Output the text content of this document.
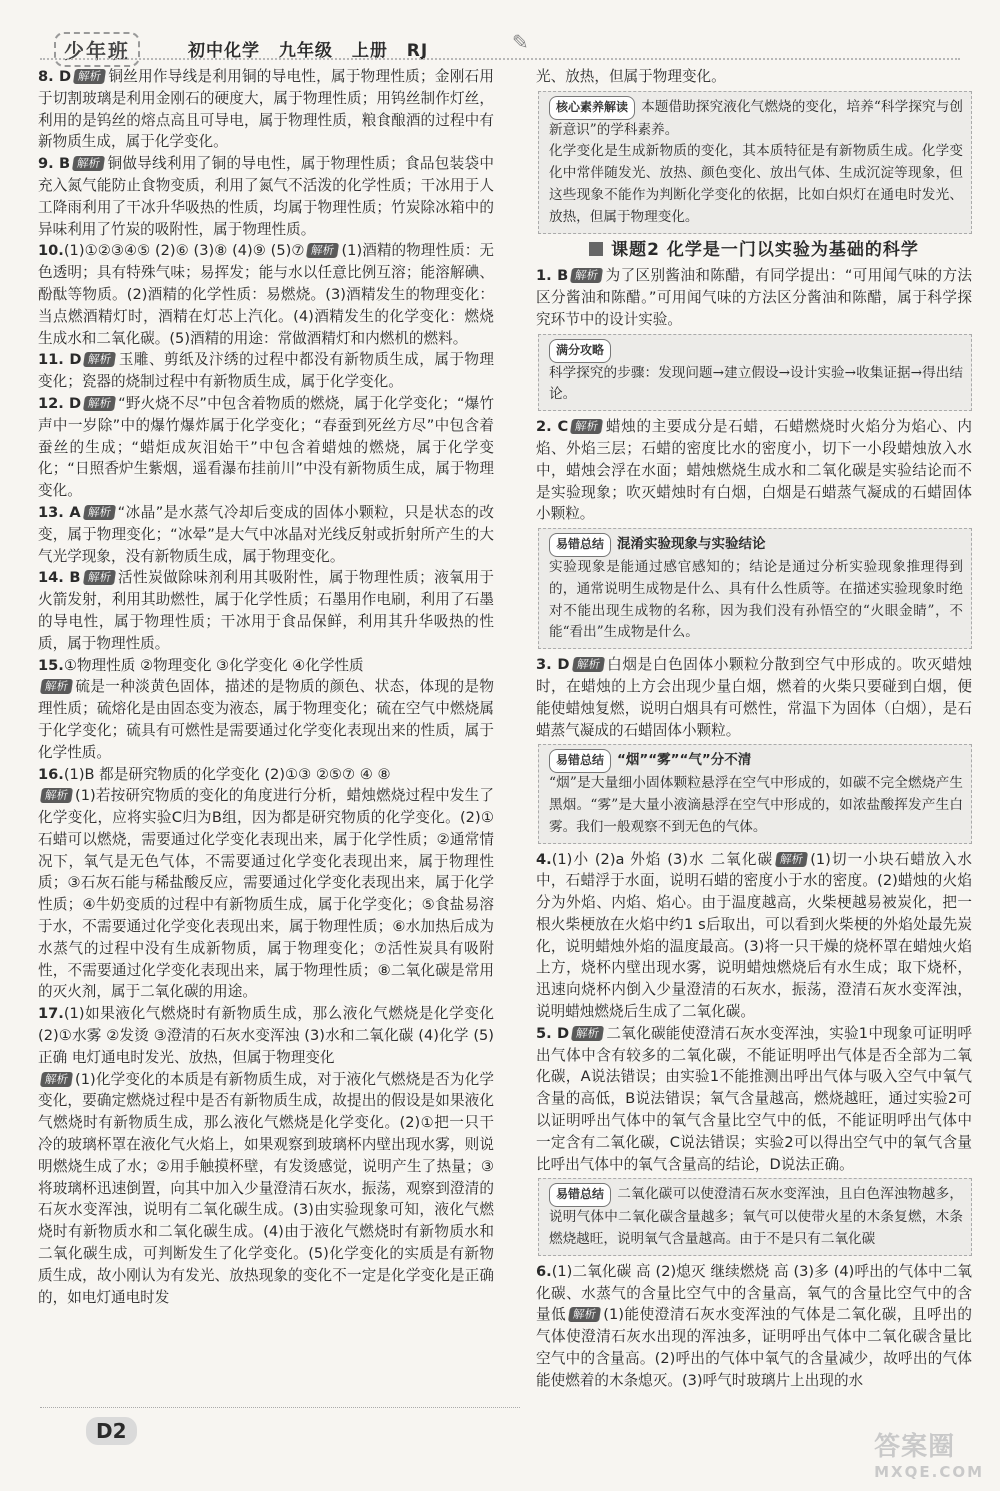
少年班	初中化学 九年级 上册 RJ	✎
8. D 解析 铜丝用作导线是利用铜的导电性，属于物理性质；金刚石用于切割玻璃是利用金刚石的硬度大，属于物理性质；用钨丝制作灯丝，利用的是钨丝的熔点高且可导电，属于物理性质，粮食酿酒的过程中有新物质生成，属于化学变化。
9. B 解析 铜做导线利用了铜的导电性，属于物理性质；食品包装袋中充入氮气能防止食物变质，利用了氮气不活泼的化学性质；干冰用于人工降雨利用了干冰升华吸热的性质，均属于物理性质；竹炭除冰箱中的异味利用了竹炭的吸附性，属于物理性质。
10.(1)①②③④⑤ (2)⑥ (3)⑧ (4)⑨ (5)⑦ 解析 (1)酒精的物理性质：无色透明；具有特殊气味；易挥发；能与水以任意比例互溶；能溶解碘、酚酞等物质。(2)酒精的化学性质：易燃烧。(3)酒精发生的物理变化：当点燃酒精灯时，酒精在灯芯上汽化。(4)酒精发生的化学变化：燃烧生成水和二氧化碳。(5)酒精的用途：常做酒精灯和内燃机的燃料。
11. D 解析 玉雕、剪纸及汴绣的过程中都没有新物质生成，属于物理变化；瓷器的烧制过程中有新物质生成，属于化学变化。
12. D 解析 “野火烧不尽”中包含着物质的燃烧，属于化学变化；“爆竹声中一岁除”中的爆竹爆炸属于化学变化；“春蚕到死丝方尽”中包含着蚕丝的生成；“蜡炬成灰泪始干”中包含着蜡烛的燃烧，属于化学变化；“日照香炉生紫烟，遥看瀑布挂前川”中没有新物质生成，属于物理变化。
13. A 解析 “冰晶”是水蒸气冷却后变成的固体小颗粒，只是状态的改变，属于物理变化；“冰晕”是大气中冰晶对光线反射或折射所产生的大气光学现象，没有新物质生成，属于物理变化。
14. B 解析 活性炭做除味剂利用其吸附性，属于物理性质；液氧用于火箭发射，利用其助燃性，属于化学性质；石墨用作电刷，利用了石墨的导电性，属于物理性质；干冰用于食品保鲜，利用其升华吸热的性质，属于物理性质。
15.①物理性质 ②物理变化 ③化学变化 ④化学性质
解析 硫是一种淡黄色固体，描述的是物质的颜色、状态，体现的是物理性质；硫熔化是由固态变为液态，属于物理变化；硫在空气中燃烧属于化学变化；硫具有可燃性是需要通过化学变化表现出来的性质，属于化学性质。
16.(1)B 都是研究物质的化学变化 (2)①③ ②⑤⑦ ④ ⑧
解析 (1)若按研究物质的变化的角度进行分析，蜡烛燃烧过程中发生了化学变化，应将实验C归为B组，因为都是研究物质的化学变化。(2)①石蜡可以燃烧，需要通过化学变化表现出来，属于化学性质；②通常情况下，氧气是无色气体，不需要通过化学变化表现出来，属于物理性质；③石灰石能与稀盐酸反应，需要通过化学变化表现出来，属于化学性质；④牛奶变质的过程中有新物质生成，属于化学变化；⑤食盐易溶于水，不需要通过化学变化表现出来，属于物理性质；⑥水加热后成为水蒸气的过程中没有生成新物质，属于物理变化；⑦活性炭具有吸附性，不需要通过化学变化表现出来，属于物理性质；⑧二氧化碳是常用的灭火剂，属于二氧化碳的用途。
17.(1)如果液化气燃烧时有新物质生成，那么液化气燃烧是化学变化 (2)①水雾 ②发烫 ③澄清的石灰水变浑浊 (3)水和二氧化碳 (4)化学 (5)正确 电灯通电时发光、放热，但属于物理变化
解析 (1)化学变化的本质是有新物质生成，对于液化气燃烧是否为化学变化，要确定燃烧过程中是否有新物质生成，故提出的假设是如果液化气燃烧时有新物质生成，那么液化气燃烧是化学变化。(2)①把一只干冷的玻璃杯罩在液化气火焰上，如果观察到玻璃杯内壁出现水雾，则说明燃烧生成了水；②用手触摸杯壁，有发烫感觉，说明产生了热量；③将玻璃杯迅速倒置，向其中加入少量澄清石灰水，振荡，观察到澄清的石灰水变浑浊，说明有二氧化碳生成。(3)由实验现象可知，液化气燃烧时有新物质水和二氧化碳生成。(4)由于液化气燃烧时有新物质水和二氧化碳生成，可判断发生了化学变化。(5)化学变化的实质是有新物质生成，故小刚认为有发光、放热现象的变化不一定是化学变化是正确的，如电灯通电时发
光、放热，但属于物理变化。
核心素养解读 本题借助探究液化气燃烧的变化，培养“科学探究与创新意识”的学科素养。
化学变化是生成新物质的变化，其本质特征是有新物质生成。化学变化中常伴随发光、放热、颜色变化、放出气体、生成沉淀等现象，但这些现象不能作为判断化学变化的依据，比如白炽灯在通电时发光、放热，但属于物理变化。
课题2 化学是一门以实验为基础的科学
1. B 解析 为了区别酱油和陈醋，有同学提出：“可用闻气味的方法区分酱油和陈醋。”可用闻气味的方法区分酱油和陈醋，属于科学探究环节中的设计实验。
满分攻略
科学探究的步骤：发现问题→建立假设→设计实验→收集证据→得出结论。
2. C 解析 蜡烛的主要成分是石蜡，石蜡燃烧时火焰分为焰心、内焰、外焰三层；石蜡的密度比水的密度小，切下一小段蜡烛放入水中，蜡烛会浮在水面；蜡烛燃烧生成水和二氧化碳是实验结论而不是实验现象；吹灭蜡烛时有白烟，白烟是石蜡蒸气凝成的石蜡固体小颗粒。
易错总结 混淆实验现象与实验结论
实验现象是能通过感官感知的；结论是通过分析实验现象推理得到的，通常说明生成物是什么、具有什么性质等。在描述实验现象时绝对不能出现生成物的名称，因为我们没有孙悟空的“火眼金睛”，不能“看出”生成物是什么。
3. D 解析 白烟是白色固体小颗粒分散到空气中形成的。吹灭蜡烛时，在蜡烛的上方会出现少量白烟，燃着的火柴只要碰到白烟，便能使蜡烛复燃，说明白烟具有可燃性，常温下为固体（白烟），是石蜡蒸气凝成的石蜡固体小颗粒。
易错总结 “烟”“雾”“气”分不清
“烟”是大量细小固体颗粒悬浮在空气中形成的，如碳不完全燃烧产生黑烟。“雾”是大量小液滴悬浮在空气中形成的，如浓盐酸挥发产生白雾。我们一般观察不到无色的气体。
4.(1)小 (2)a 外焰 (3)水 二氧化碳 解析 (1)切一小块石蜡放入水中，石蜡浮于水面，说明石蜡的密度小于水的密度。(2)蜡烛的火焰分为外焰、内焰、焰心。由于温度越高，火柴梗越易被炭化，把一根火柴梗放在火焰中约1 s后取出，可以看到火柴梗的外焰处最先炭化，说明蜡烛外焰的温度最高。(3)将一只干燥的烧杯罩在蜡烛火焰上方，烧杯内壁出现水雾，说明蜡烛燃烧后有水生成；取下烧杯，迅速向烧杯内倒入少量澄清的石灰水，振荡，澄清石灰水变浑浊，说明蜡烛燃烧后生成了二氧化碳。
5. D 解析 二氧化碳能使澄清石灰水变浑浊，实验1中现象可证明呼出气体中含有较多的二氧化碳，不能证明呼出气体是否全部为二氧化碳，A说法错误；由实验1不能推测出呼出气体与吸入空气中氧气含量的高低，B说法错误；氧气含量越高，燃烧越旺，通过实验2可以证明呼出气体中的氧气含量比空气中的低，不能证明呼出气体中一定含有二氧化碳，C说法错误；实验2可以得出空气中的氧气含量比呼出气体中的氧气含量高的结论，D说法正确。
易错总结 二氧化碳可以使澄清石灰水变浑浊，且白色浑浊物越多，说明气体中二氧化碳含量越多；氧气可以使带火星的木条复燃，木条燃烧越旺，说明氧气含量越高。由于不是只有二氧化碳
6.(1)二氧化碳 高 (2)熄灭 继续燃烧 高 (3)多 (4)呼出的气体中二氧化碳、水蒸气的含量比空气中的含量高，氧气的含量比空气中的含量低 解析 (1)能使澄清石灰水变浑浊的气体是二氧化碳，且呼出的气体使澄清石灰水出现的浑浊多，证明呼出气体中二氧化碳含量比空气中的含量高。(2)呼出的气体中氧气的含量减少，故呼出的气体能使燃着的木条熄灭。(3)呼气时玻璃片上出现的水
D2
答案圈
MXQE.COM
